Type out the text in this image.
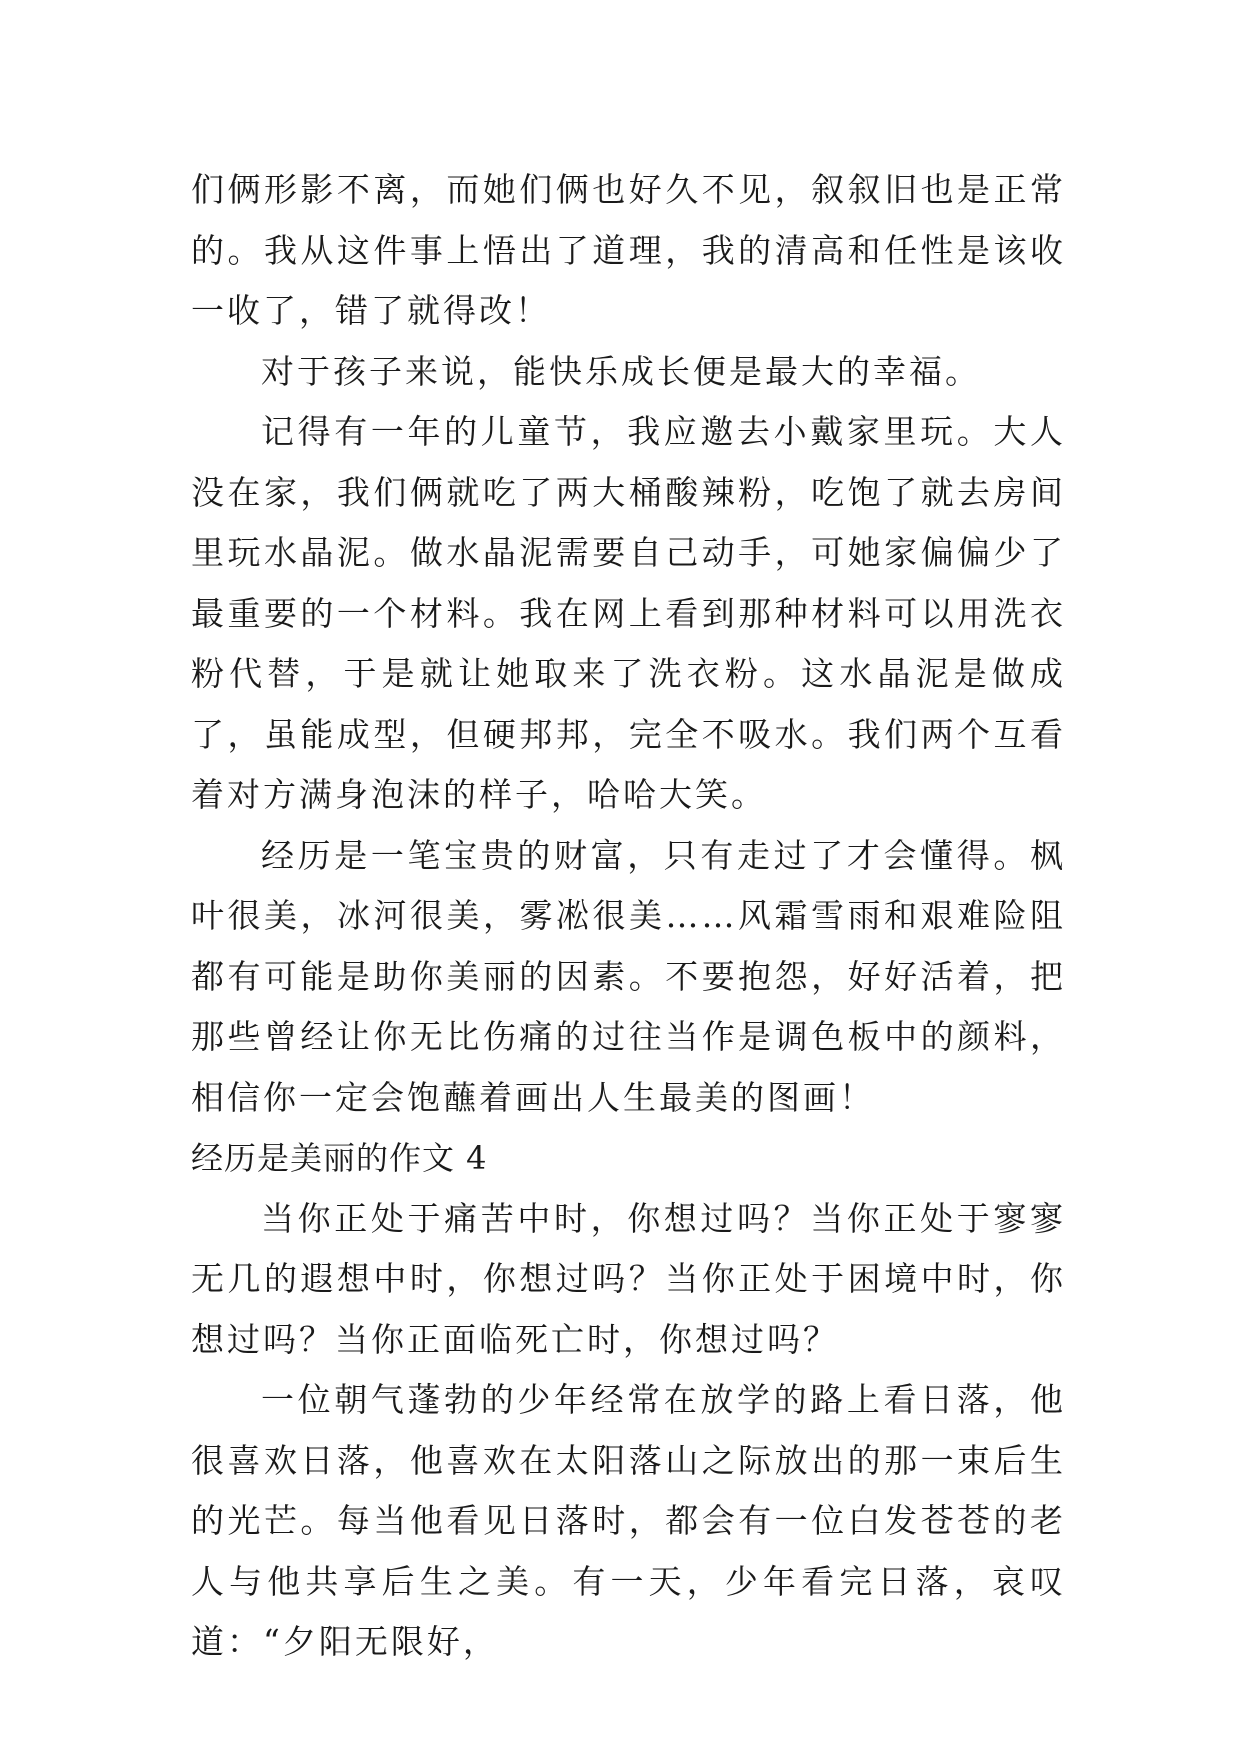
们俩形影不离，而她们俩也好久不见，叙叙旧也是正常的。我从这件事上悟出了道理，我的清高和任性是该收一收了，错了就得改！

对于孩子来说，能快乐成长便是最大的幸福。

记得有一年的儿童节，我应邀去小戴家里玩。大人没在家，我们俩就吃了两大桶酸辣粉，吃饱了就去房间里玩水晶泥。做水晶泥需要自己动手，可她家偏偏少了最重要的一个材料。我在网上看到那种材料可以用洗衣粉代替，于是就让她取来了洗衣粉。这水晶泥是做成了，虽能成型，但硬邦邦，完全不吸水。我们两个互看着对方满身泡沫的样子，哈哈大笑。

经历是一笔宝贵的财富，只有走过了才会懂得。枫叶很美，冰河很美，雾凇很美……风霜雪雨和艰难险阻都有可能是助你美丽的因素。不要抱怨，好好活着，把那些曾经让你无比伤痛的过往当作是调色板中的颜料，相信你一定会饱蘸着画出人生最美的图画！

经历是美丽的作文 4

当你正处于痛苦中时，你想过吗？当你正处于寥寥无几的遐想中时，你想过吗？当你正处于困境中时，你想过吗？当你正面临死亡时，你想过吗？

一位朝气蓬勃的少年经常在放学的路上看日落，他很喜欢日落，他喜欢在太阳落山之际放出的那一束后生的光芒。每当他看见日落时，都会有一位白发苍苍的老人与他共享后生之美。有一天，少年看完日落，哀叹道：“夕阳无限好，
